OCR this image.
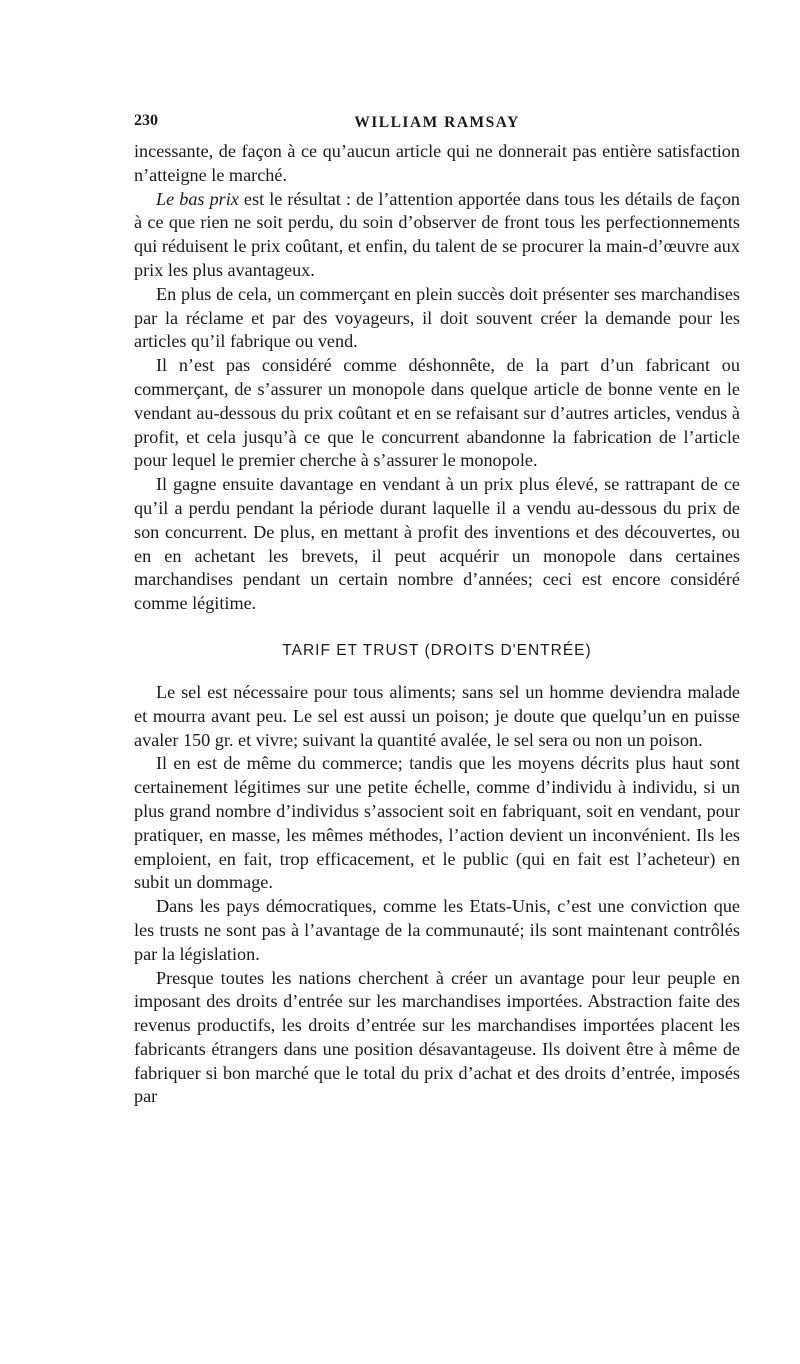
230	WILLIAM RAMSAY

incessante, de façon à ce qu’aucun article qui ne donnerait pas entière satisfaction n’atteigne le marché.

Le bas prix est le résultat : de l’attention apportée dans tous les détails de façon à ce que rien ne soit perdu, du soin d’observer de front tous les perfectionnements qui réduisent le prix coûtant, et enfin, du talent de se procurer la main-d’œuvre aux prix les plus avantageux.

En plus de cela, un commerçant en plein succès doit présenter ses marchandises par la réclame et par des voyageurs, il doit souvent créer la demande pour les articles qu’il fabrique ou vend.

Il n’est pas considéré comme déshonnête, de la part d’un fabricant ou commerçant, de s’assurer un monopole dans quelque article de bonne vente en le vendant au-dessous du prix coûtant et en se refaisant sur d’autres articles, vendus à profit, et cela jusqu’à ce que le concurrent abandonne la fabrication de l’article pour lequel le premier cherche à s’assurer le monopole.

Il gagne ensuite davantage en vendant à un prix plus élevé, se rattrapant de ce qu’il a perdu pendant la période durant laquelle il a vendu au-dessous du prix de son concurrent. De plus, en mettant à profit des inventions et des découvertes, ou en en achetant les brevets, il peut acquérir un monopole dans certaines marchandises pendant un certain nombre d’années; ceci est encore considéré comme légitime.

TARIF ET TRUST (DROITS D'ENTRÉE)

Le sel est nécessaire pour tous aliments; sans sel un homme deviendra malade et mourra avant peu. Le sel est aussi un poison; je doute que quelqu’un en puisse avaler 150 gr. et vivre; suivant la quantité avalée, le sel sera ou non un poison.

Il en est de même du commerce; tandis que les moyens décrits plus haut sont certainement légitimes sur une petite échelle, comme d’individu à individu, si un plus grand nombre d’individus s’associent soit en fabriquant, soit en vendant, pour pratiquer, en masse, les mêmes méthodes, l’action devient un inconvénient. Ils les emploient, en fait, trop efficacement, et le public (qui en fait est l’acheteur) en subit un dommage.

Dans les pays démocratiques, comme les Etats-Unis, c’est une conviction que les trusts ne sont pas à l’avantage de la communauté; ils sont maintenant contrôlés par la législation.

Presque toutes les nations cherchent à créer un avantage pour leur peuple en imposant des droits d’entrée sur les marchandises importées. Abstraction faite des revenus productifs, les droits d’entrée sur les marchandises importées placent les fabricants étrangers dans une position désavantageuse. Ils doivent être à même de fabriquer si bon marché que le total du prix d’achat et des droits d’entrée, imposés par
